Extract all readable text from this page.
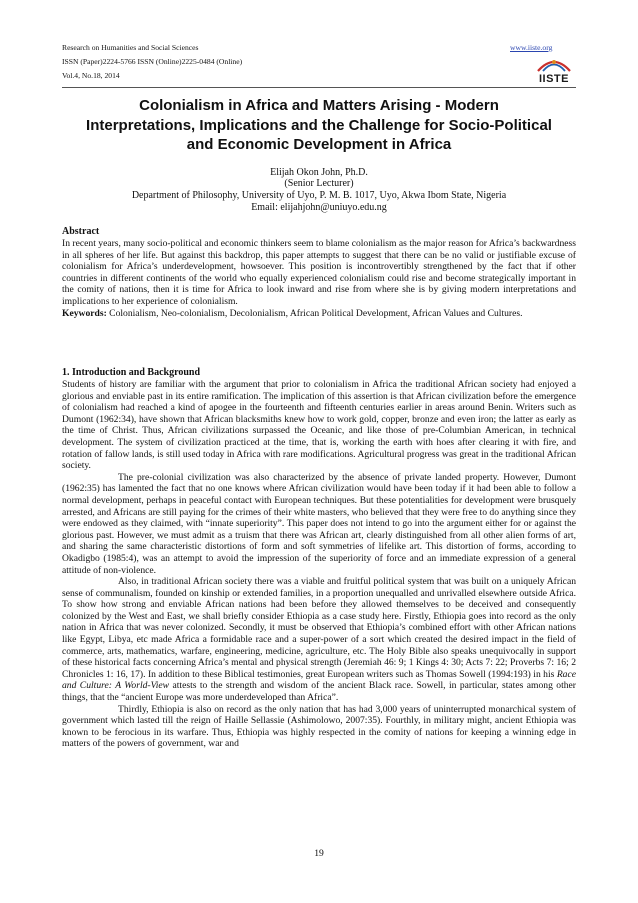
Research on Humanities and Social Sciences
ISSN (Paper)2224-5766 ISSN (Online)2225-0484 (Online)
Vol.4, No.18, 2014
www.iiste.org
IISTE
Colonialism in Africa and Matters Arising - Modern
Interpretations, Implications and the Challenge for Socio-Political
and Economic Development in Africa
Elijah Okon John, Ph.D.
(Senior Lecturer)
Department of Philosophy, University of Uyo, P. M. B. 1017, Uyo, Akwa Ibom State, Nigeria
Email: elijahjohn@uniuyo.edu.ng
Abstract

In recent years, many socio-political and economic thinkers seem to blame colonialism as the major reason for Africa’s backwardness in all spheres of her life. But against this backdrop, this paper attempts to suggest that there can be no valid or justifiable excuse of colonialism for Africa’s underdevelopment, howsoever. This position is incontrovertibly strengthened by the fact that if other countries in different continents of the world who equally experienced colonialism could rise and become strategically important in the comity of nations, then it is time for Africa to look inward and rise from where she is by giving modern interpretations and implications to her experience of colonialism.

Keywords: Colonialism, Neo-colonialism, Decolonialism, African Political Development, African Values and Cultures.

1. Introduction and Background

Students of history are familiar with the argument that prior to colonialism in Africa the traditional African society had enjoyed a glorious and enviable past in its entire ramification. The implication of this assertion is that African civilization before the emergence of colonialism had reached a kind of apogee in the fourteenth and fifteenth centuries earlier in areas around Benin. Writers such as Dumont (1962:34), have shown that African blacksmiths knew how to work gold, copper, bronze and even iron; the latter as early as the time of Christ. Thus, African civilizations surpassed the Oceanic, and like those of pre-Columbian American, in technical development. The system of civilization practiced at the time, that is, working the earth with hoes after clearing it with fire, and rotation of fallow lands, is still used today in Africa with rare modifications. Agricultural progress was great in the traditional African society.

The pre-colonial civilization was also characterized by the absence of private landed property. However, Dumont (1962:35) has lamented the fact that no one knows where African civilization would have been today if it had been able to follow a normal development, perhaps in peaceful contact with European techniques. But these potentialities for development were brusquely arrested, and Africans are still paying for the crimes of their white masters, who believed that they were free to do anything since they were endowed as they claimed, with “innate superiority”. This paper does not intend to go into the argument either for or against the glorious past. However, we must admit as a truism that there was African art, clearly distinguished from all other alien forms of art, and sharing the same characteristic distortions of form and soft symmetries of lifelike art. This distortion of forms, according to Okadigbo (1985:4), was an attempt to avoid the impression of the superiority of force and an immediate expression of a general attitude of non-violence.

Also, in traditional African society there was a viable and fruitful political system that was built on a uniquely African sense of communalism, founded on kinship or extended families, in a proportion unequalled and unrivalled elsewhere outside Africa. To show how strong and enviable African nations had been before they allowed themselves to be deceived and consequently colonized by the West and East, we shall briefly consider Ethiopia as a case study here. Firstly, Ethiopia goes into record as the only nation in Africa that was never colonized. Secondly, it must be observed that Ethiopia’s combined effort with other African nations like Egypt, Libya, etc made Africa a formidable race and a super-power of a sort which created the desired impact in the field of commerce, arts, mathematics, warfare, engineering, medicine, agriculture, etc. The Holy Bible also speaks unequivocally in support of these historical facts concerning Africa’s mental and physical strength (Jeremiah 46: 9; 1 Kings 4: 30; Acts 7: 22; Proverbs 7: 16; 2 Chronicles 1: 16, 17). In addition to these Biblical testimonies, great European writers such as Thomas Sowell (1994:193) in his Race and Culture: A World-View attests to the strength and wisdom of the ancient Black race. Sowell, in particular, states among other things, that the “ancient Europe was more underdeveloped than Africa”.

Thirdly, Ethiopia is also on record as the only nation that has had 3,000 years of uninterrupted monarchical system of government which lasted till the reign of Haille Sellassie (Ashimolowo, 2007:35). Fourthly, in military might, ancient Ethiopia was known to be ferocious in its warfare. Thus, Ethiopia was highly respected in the comity of nations for keeping a winning edge in matters of the powers of government, war and

19
